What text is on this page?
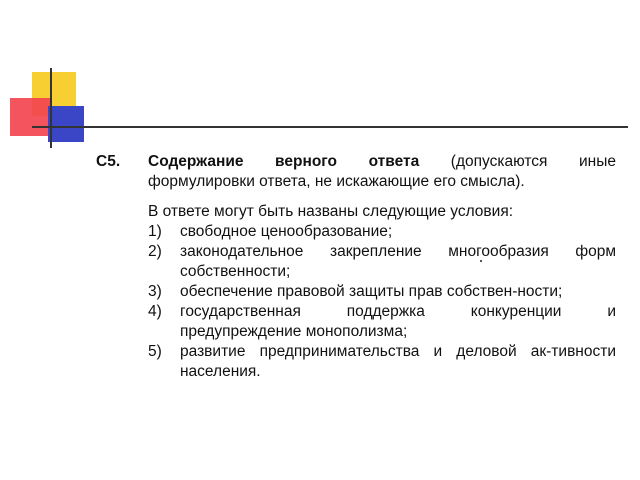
С5.	Содержание верного ответа (допускаются иные формулировки ответа, не искажающие его смысла).
В ответе могут быть названы следующие условия:
1)	свободное ценообразование;
2)	законодательное закрепление многообразия форм собственности;
3)	обеспечение правовой защиты прав собствен-ности;
4)	государственная поддержка конкуренции и предупреждение монополизма;
5)	развитие предпринимательства и деловой ак-тивности населения.
